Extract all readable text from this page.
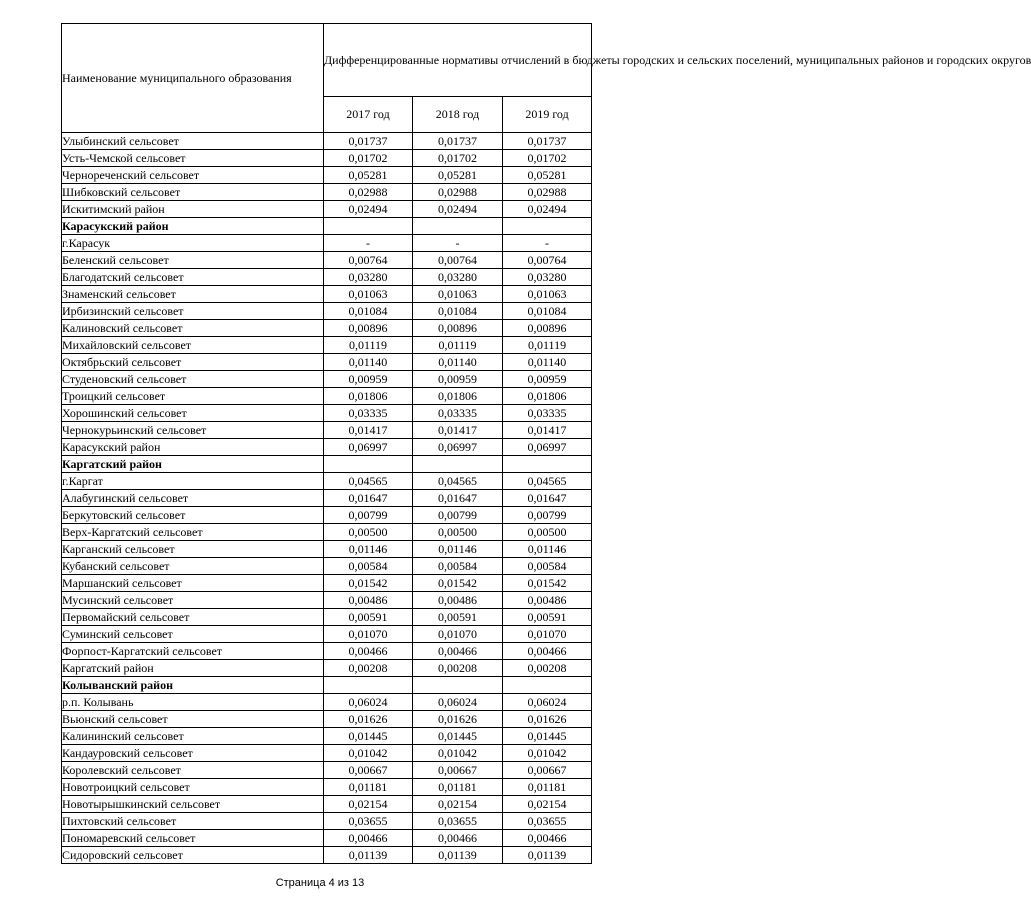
Наименование муниципального образования	Дифференцированные нормативы отчислений в бюджеты городских и сельских поселений, муниципальных районов и городских округов		
	2017 год	2018 год	2019 год
Улыбинский сельсовет	0,01737	0,01737	0,01737
Усть-Чемской сельсовет	0,01702	0,01702	0,01702
Чернореченский сельсовет	0,05281	0,05281	0,05281
Шибковский сельсовет	0,02988	0,02988	0,02988
Искитимский район	0,02494	0,02494	0,02494
Карасукский район			
г.Карасук	-	-	-
Беленский сельсовет	0,00764	0,00764	0,00764
Благодатский сельсовет	0,03280	0,03280	0,03280
Знаменский сельсовет	0,01063	0,01063	0,01063
Ирбизинский сельсовет	0,01084	0,01084	0,01084
Калиновский сельсовет	0,00896	0,00896	0,00896
Михайловский сельсовет	0,01119	0,01119	0,01119
Октябрьский сельсовет	0,01140	0,01140	0,01140
Студеновский сельсовет	0,00959	0,00959	0,00959
Троицкий сельсовет	0,01806	0,01806	0,01806
Хорошинский сельсовет	0,03335	0,03335	0,03335
Чернокурьинский сельсовет	0,01417	0,01417	0,01417
Карасукский район	0,06997	0,06997	0,06997
Каргатский район			
г.Каргат	0,04565	0,04565	0,04565
Алабугинский сельсовет	0,01647	0,01647	0,01647
Беркутовский сельсовет	0,00799	0,00799	0,00799
Верх-Каргатский сельсовет	0,00500	0,00500	0,00500
Карганский сельсовет	0,01146	0,01146	0,01146
Кубанский сельсовет	0,00584	0,00584	0,00584
Маршанский сельсовет	0,01542	0,01542	0,01542
Мусинский сельсовет	0,00486	0,00486	0,00486
Первомайский сельсовет	0,00591	0,00591	0,00591
Суминский сельсовет	0,01070	0,01070	0,01070
Форпост-Каргатский сельсовет	0,00466	0,00466	0,00466
Каргатский район	0,00208	0,00208	0,00208
Колыванский район			
р.п. Колывань	0,06024	0,06024	0,06024
Вьюнский сельсовет	0,01626	0,01626	0,01626
Калининский сельсовет	0,01445	0,01445	0,01445
Кандауровский сельсовет	0,01042	0,01042	0,01042
Королевский сельсовет	0,00667	0,00667	0,00667
Новотроицкий сельсовет	0,01181	0,01181	0,01181
Новотырышкинский сельсовет	0,02154	0,02154	0,02154
Пихтовский сельсовет	0,03655	0,03655	0,03655
Пономаревский сельсовет	0,00466	0,00466	0,00466
Сидоровский сельсовет	0,01139	0,01139	0,01139
Страница 4 из 13
